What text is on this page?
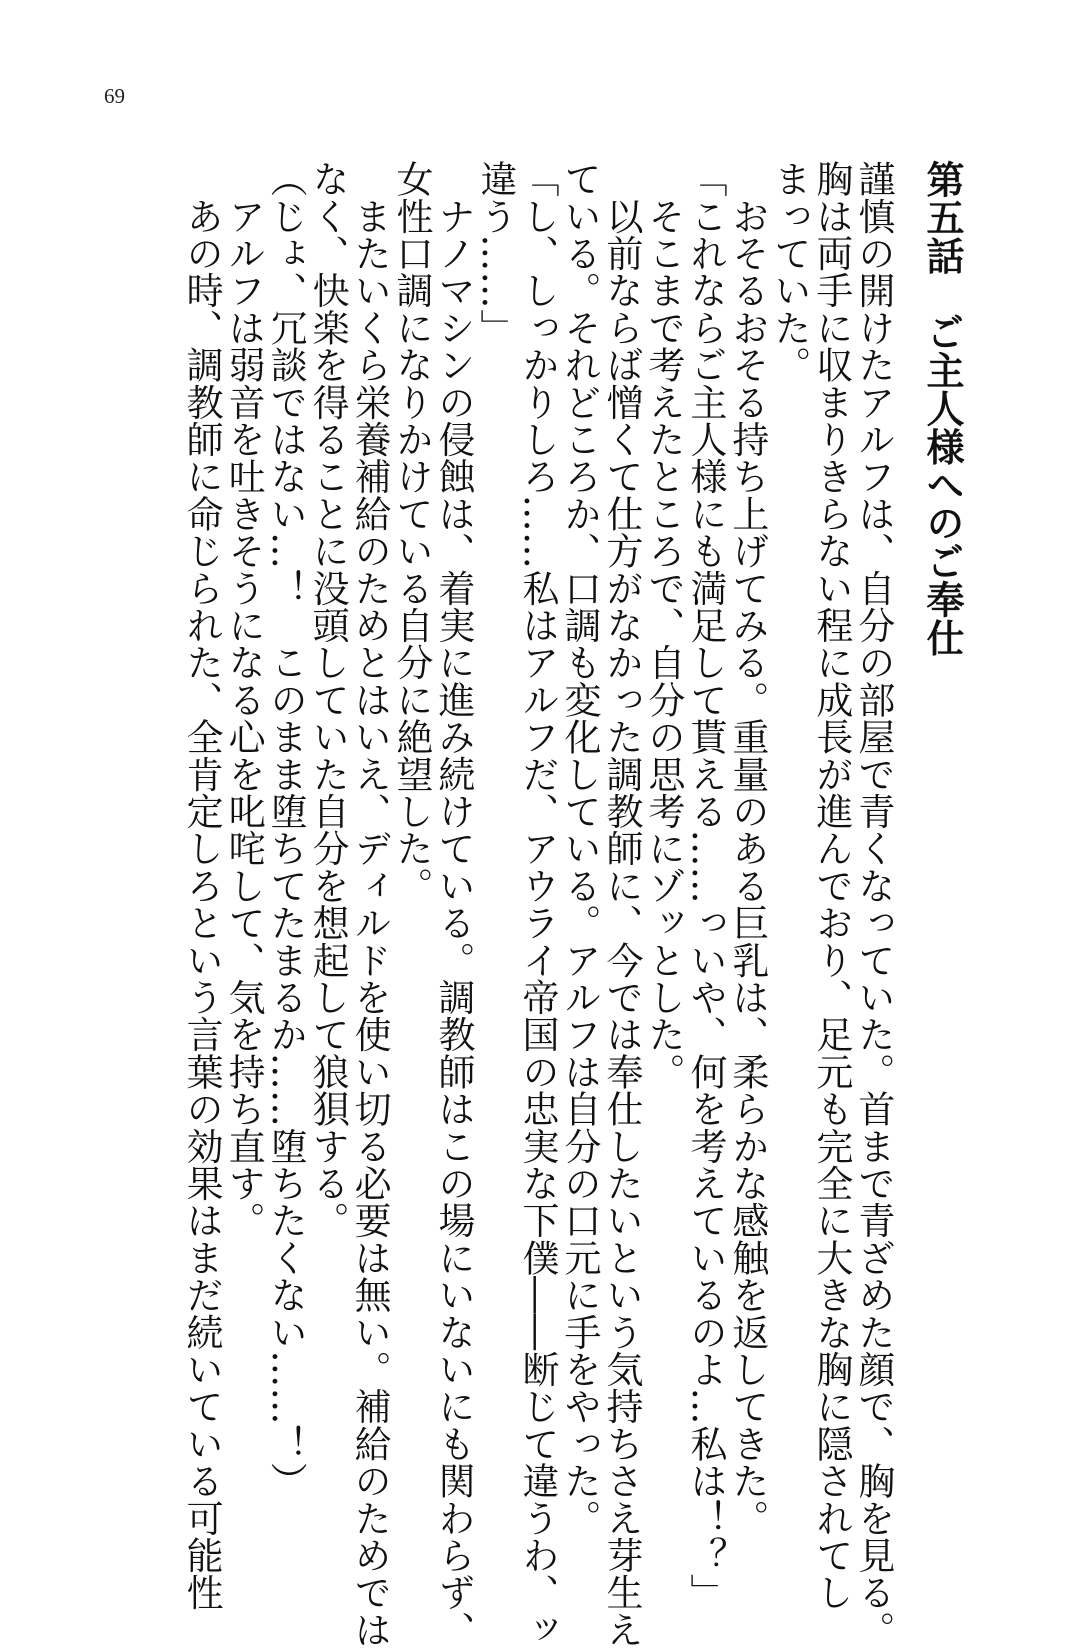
69
第五話　ご主人様へのご奉仕
謹慎の開けたアルフは、自分の部屋で青くなっていた。首まで青ざめた顔で、胸を見る。
胸は両手に収まりきらない程に成長が進んでおり、足元も完全に大きな胸に隠されてし
まっていた。
　おそるおそる持ち上げてみる。重量のある巨乳は、柔らかな感触を返してきた。
「これならご主人様にも満足して貰える……っいや、何を考えているのよ…私は！？」
　そこまで考えたところで、自分の思考にゾッとした。
　以前ならば憎くて仕方がなかった調教師に、今では奉仕したいという気持ちさえ芽生え
ている。それどころか、口調も変化している。アルフは自分の口元に手をやった。
「し、しっかりしろ……私はアルフだ、アウライ帝国の忠実な下僕――断じて違うわ、ッ
違う……」
　ナノマシンの侵蝕は、着実に進み続けている。調教師はこの場にいないにも関わらず、
女性口調になりかけている自分に絶望した。
　またいくら栄養補給のためとはいえ、ディルドを使い切る必要は無い。補給のためでは
なく、快楽を得ることに没頭していた自分を想起して狼狽する。
（じょ、冗談ではない…！　このまま堕ちてたまるか……堕ちたくない……！）
　アルフは弱音を吐きそうになる心を叱咤して、気を持ち直す。
　あの時、調教師に命じられた、全肯定しろという言葉の効果はまだ続いている可能性
